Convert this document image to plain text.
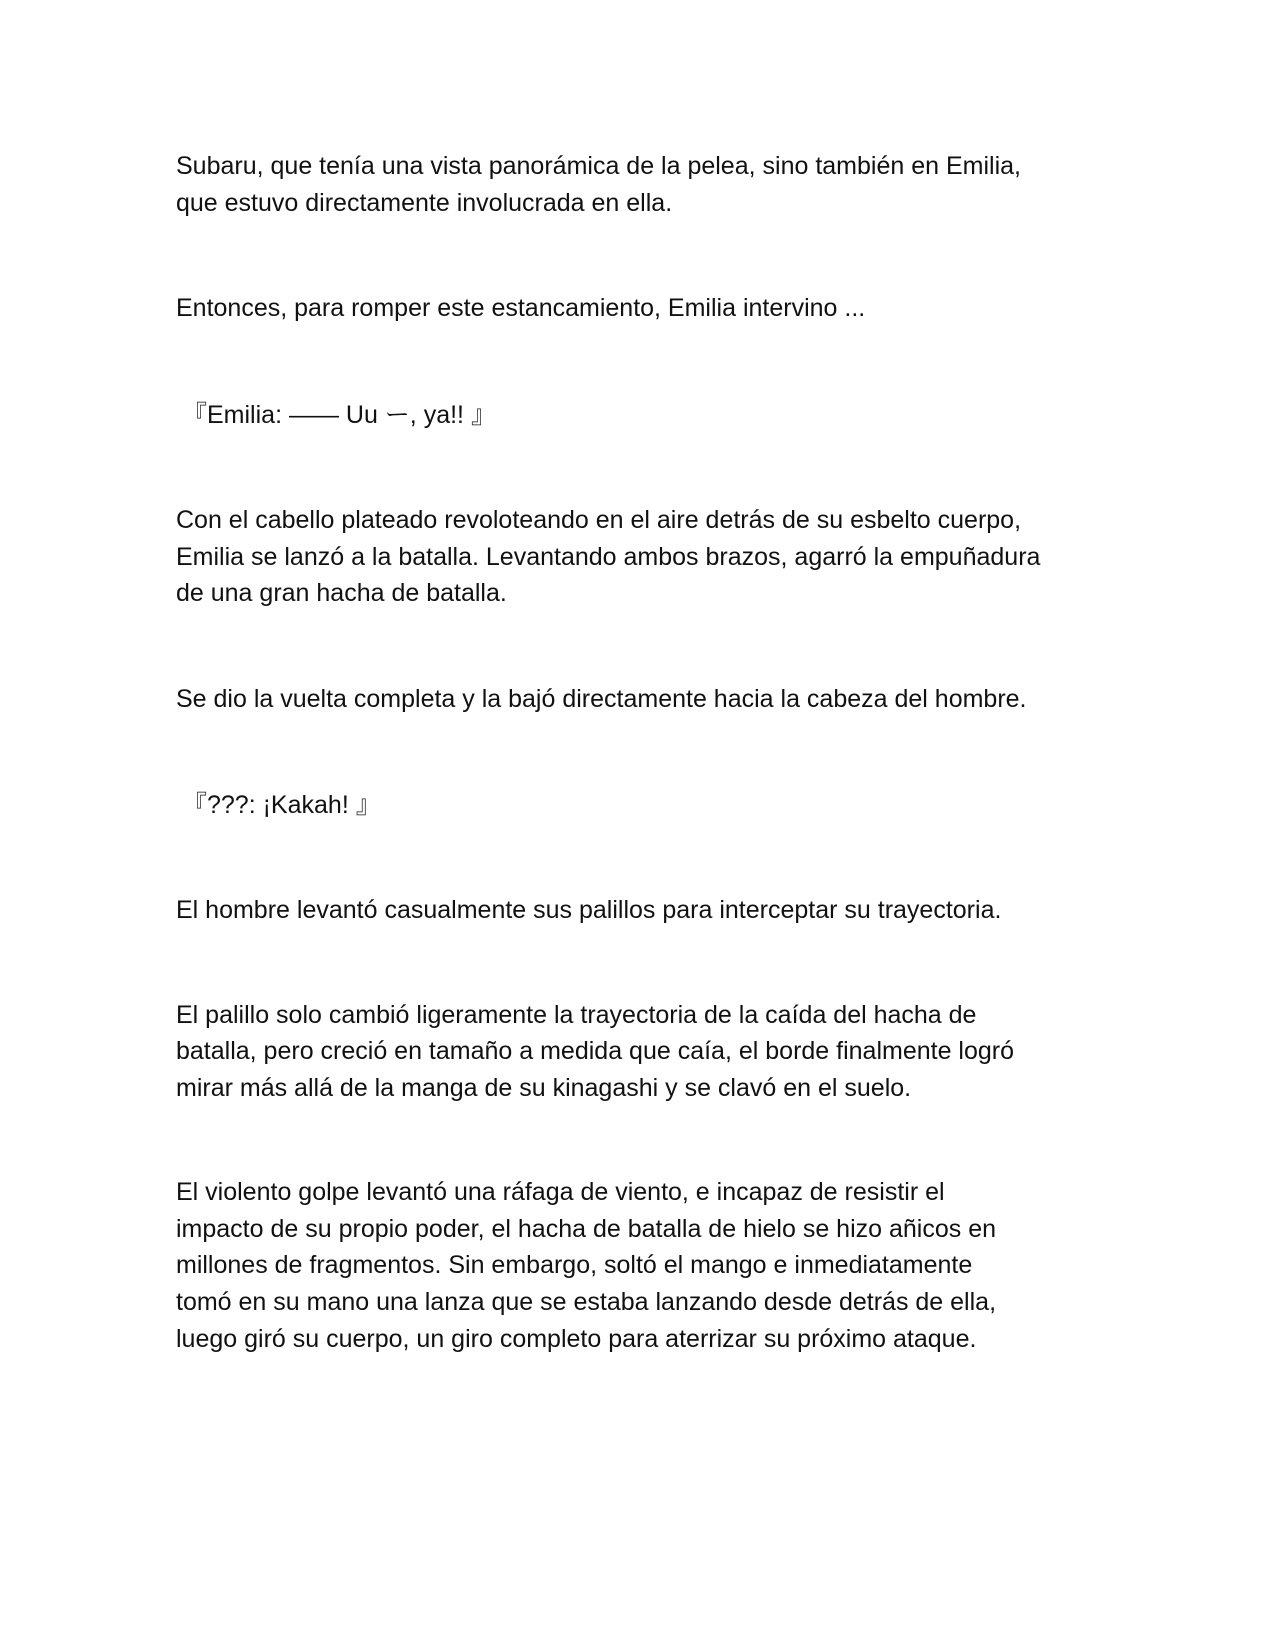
Subaru, que tenía una vista panorámica de la pelea, sino también en Emilia,

que estuvo directamente involucrada en ella.

Entonces, para romper este estancamiento, Emilia intervino ...

『Emilia: —— Uu ー, ya!! 』

Con el cabello plateado revoloteando en el aire detrás de su esbelto cuerpo,

Emilia se lanzó a la batalla. Levantando ambos brazos, agarró la empuñadura

de una gran hacha de batalla.

Se dio la vuelta completa y la bajó directamente hacia la cabeza del hombre.

『???: ¡Kakah! 』

El hombre levantó casualmente sus palillos para interceptar su trayectoria.

El palillo solo cambió ligeramente la trayectoria de la caída del hacha de

batalla, pero creció en tamaño a medida que caía, el borde finalmente logró

mirar más allá de la manga de su kinagashi y se clavó en el suelo.

El violento golpe levantó una ráfaga de viento, e incapaz de resistir el

impacto de su propio poder, el hacha de batalla de hielo se hizo añicos en

millones de fragmentos. Sin embargo, soltó el mango e inmediatamente

tomó en su mano una lanza que se estaba lanzando desde detrás de ella,

luego giró su cuerpo, un giro completo para aterrizar su próximo ataque.
